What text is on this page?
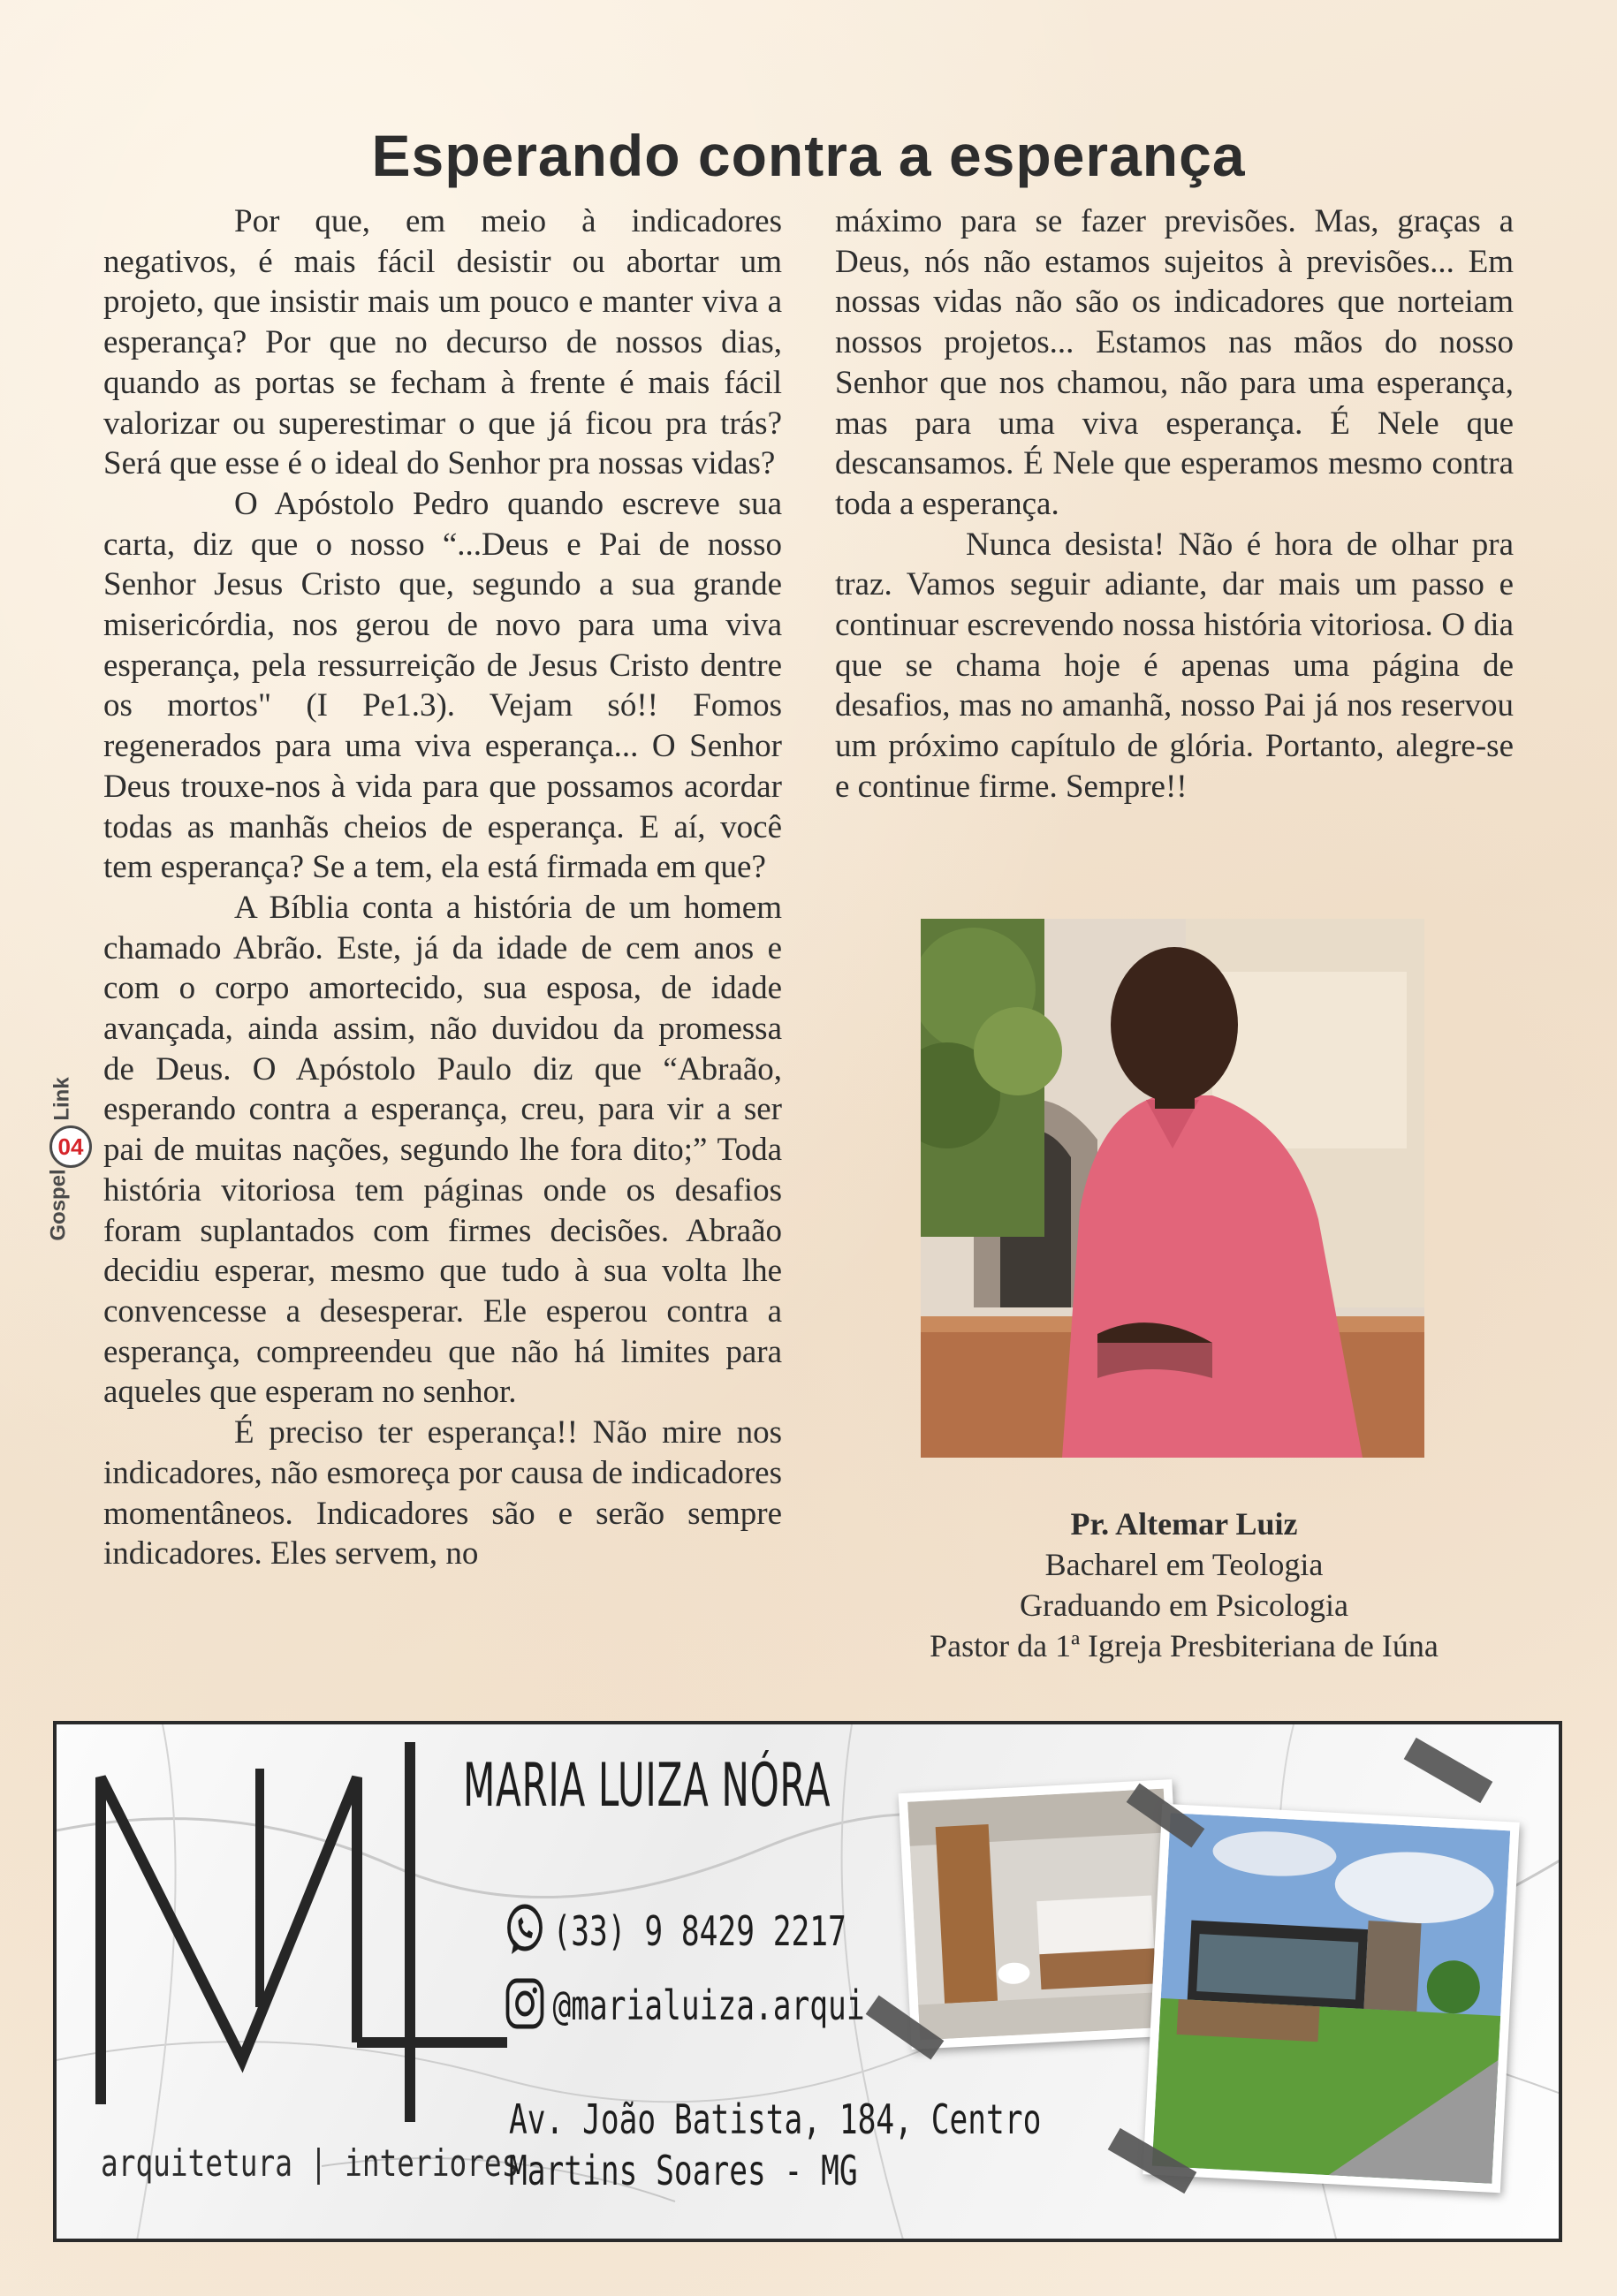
Esperando contra a esperança

Por que, em meio à indicadores negativos, é mais fácil desistir ou abortar um projeto, que insistir mais um pouco e manter viva a esperança? Por que no decurso de nossos dias, quando as portas se fecham à frente é mais fácil valorizar ou superestimar o que já ficou pra trás? Será que esse é o ideal do Senhor pra nossas vidas?

O Apóstolo Pedro quando escreve sua carta, diz que o nosso “...Deus e Pai de nosso Senhor Jesus Cristo que, segundo a sua grande misericórdia, nos gerou de novo para uma viva esperança, pela ressurreição de Jesus Cristo dentre os mortos" (I Pe1.3). Vejam só!! Fomos regenerados para uma viva esperança... O Senhor Deus trouxe-nos à vida para que possamos acordar todas as manhãs cheios de esperança. E aí, você tem esperança? Se a tem, ela está firmada em que?

A Bíblia conta a história de um homem chamado Abrão. Este, já da idade de cem anos e com o corpo amortecido, sua esposa, de idade avançada, ainda assim, não duvidou da promessa de Deus. O Apóstolo Paulo diz que “Abraão, esperando contra a esperança, creu, para vir a ser pai de muitas nações, segundo lhe fora dito;” Toda história vitoriosa tem páginas onde os desafios foram suplantados com firmes decisões. Abraão decidiu esperar, mesmo que tudo à sua volta lhe convencesse a desesperar. Ele esperou contra a esperança, compreendeu que não há limites para aqueles que esperam no senhor.

É preciso ter esperança!! Não mire nos indicadores, não esmoreça por causa de indicadores momentâneos. Indicadores são e serão sempre indicadores. Eles servem, no

máximo para se fazer previsões. Mas, graças a Deus, nós não estamos sujeitos à previsões... Em nossas vidas não são os indicadores que norteiam nossos projetos... Estamos nas mãos do nosso Senhor que nos chamou, não para uma esperança, mas para uma viva esperança. É Nele que descansamos. É Nele que esperamos mesmo contra toda a esperança.

Nunca desista! Não é hora de olhar pra traz. Vamos seguir adiante, dar mais um passo e continuar escrevendo nossa história vitoriosa. O dia que se chama hoje é apenas uma página de desafios, mas no amanhã, nosso Pai já nos reservou um próximo capítulo de glória. Portanto, alegre-se e continue firme. Sempre!!

Link
04
Gospel
Pr. Altemar Luiz
Bacharel em Teologia
Graduando em Psicologia
Pastor da 1ª Igreja Presbiteriana de Iúna
arquitetura | interiores
MARIA LUIZA NÓRA
(33) 9 8429 2217
@marialuiza.arqui
Av. João Batista, 184, Centro
Martins Soares - MG
